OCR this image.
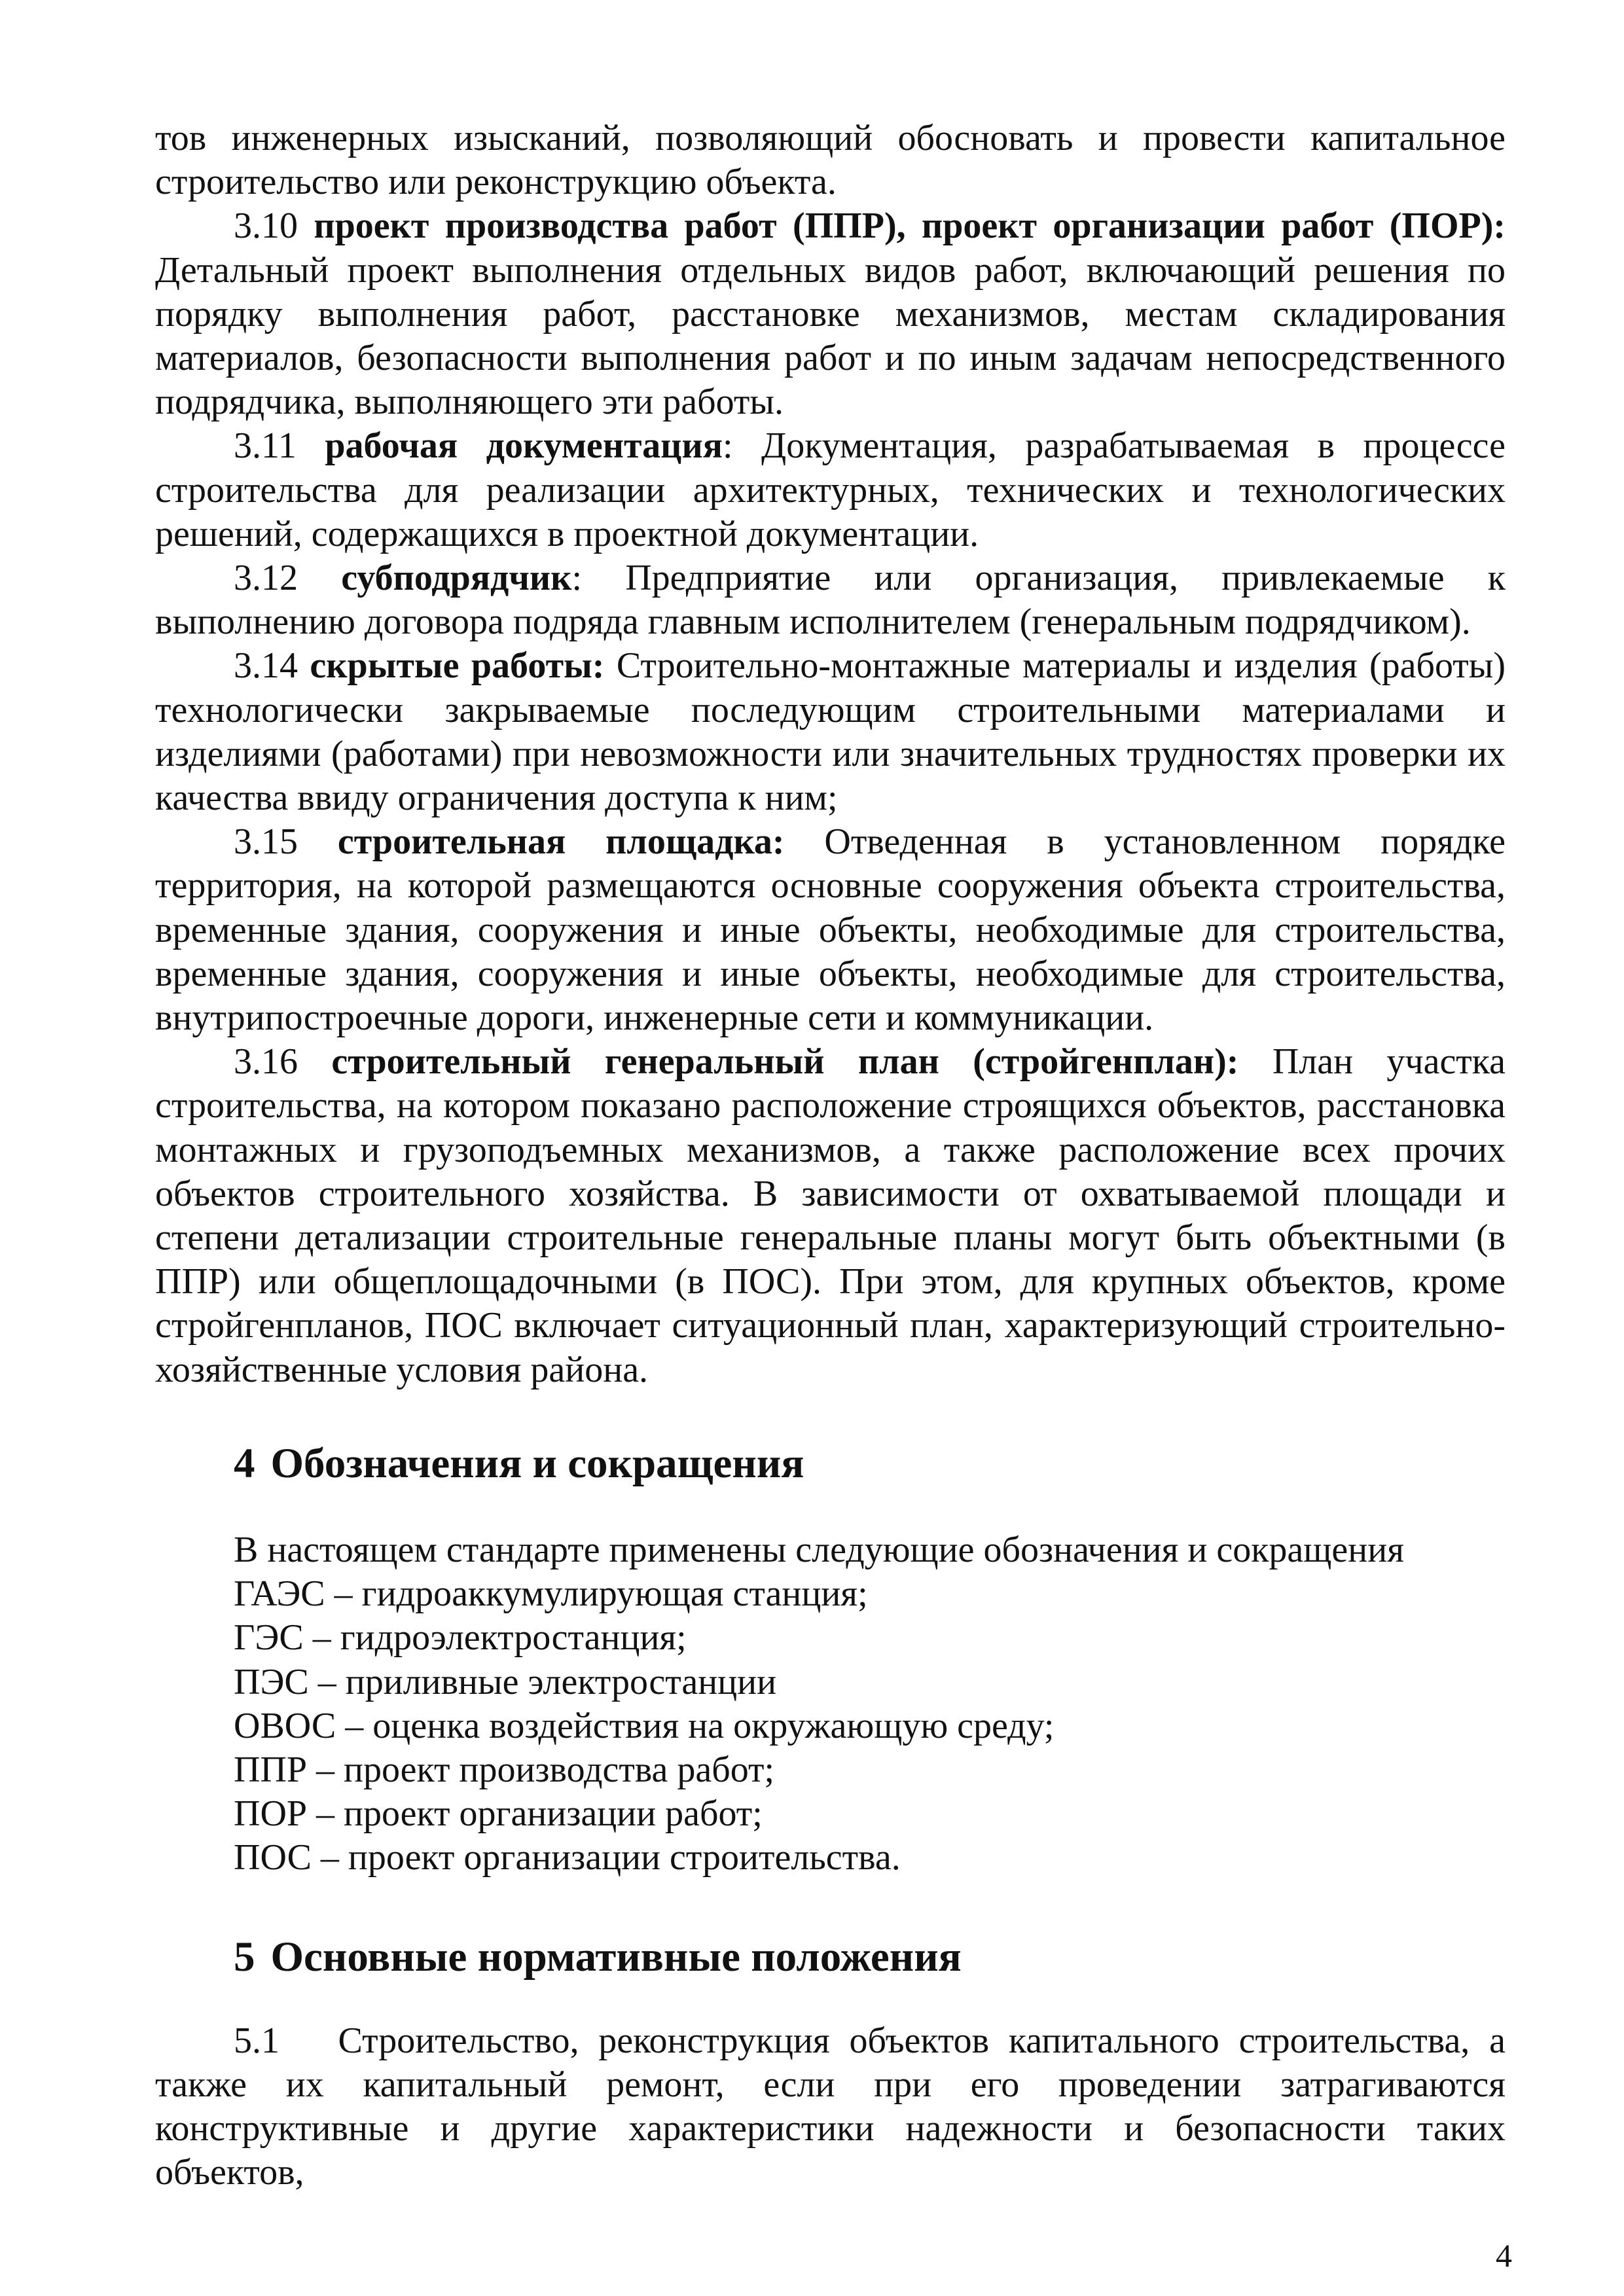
тов инженерных изысканий, позволяющий обосновать и провести капитальное строительство или реконструкцию объекта.

3.10 проект производства работ (ППР), проект организации работ (ПОР): Детальный проект выполнения отдельных видов работ, включающий решения по порядку выполнения работ, расстановке механизмов, местам складирования материалов, безопасности выполнения работ и по иным задачам непосредственного подрядчика, выполняющего эти работы.

3.11 рабочая документация: Документация, разрабатываемая в процессе строительства для реализации архитектурных, технических и технологических решений, содержащихся в проектной документации.

3.12 субподрядчик: Предприятие или организация, привлекаемые к выполнению договора подряда главным исполнителем (генеральным подрядчиком).

3.14 скрытые работы: Строительно-монтажные материалы и изделия (работы) технологически закрываемые последующим строительными материалами и изделиями (работами) при невозможности или значительных трудностях проверки их качества ввиду ограничения доступа к ним;

3.15 строительная площадка: Отведенная в установленном порядке территория, на которой размещаются основные сооружения объекта строительства, временные здания, сооружения и иные объекты, необходимые для строительства, временные здания, сооружения и иные объекты, необходимые для строительства, внутрипостроечные дороги, инженерные сети и коммуникации.

3.16 строительный генеральный план (стройгенплан): План участка строительства, на котором показано расположение строящихся объектов, расстановка монтажных и грузоподъемных механизмов, а также расположение всех прочих объектов строительного хозяйства. В зависимости от охватываемой площади и степени детализации строительные генеральные планы могут быть объектными (в ППР) или общеплощадочными (в ПОС). При этом, для крупных объектов, кроме стройгенпланов, ПОС включает ситуационный план, характеризующий строительно-хозяйственные условия района.

4 Обозначения и сокращения

В настоящем стандарте применены следующие обозначения и сокращения

ГАЭС – гидроаккумулирующая станция;

ГЭС – гидроэлектростанция;

ПЭС – приливные электростанции

ОВОС – оценка воздействия на окружающую среду;

ППР – проект производства работ;

ПОР – проект организации работ;

ПОС – проект организации строительства.

5 Основные нормативные положения

5.1 Строительство, реконструкция объектов капитального строительства, а также их капитальный ремонт, если при его проведении затрагиваются конструктивные и другие характеристики надежности и безопасности таких объектов,

4
